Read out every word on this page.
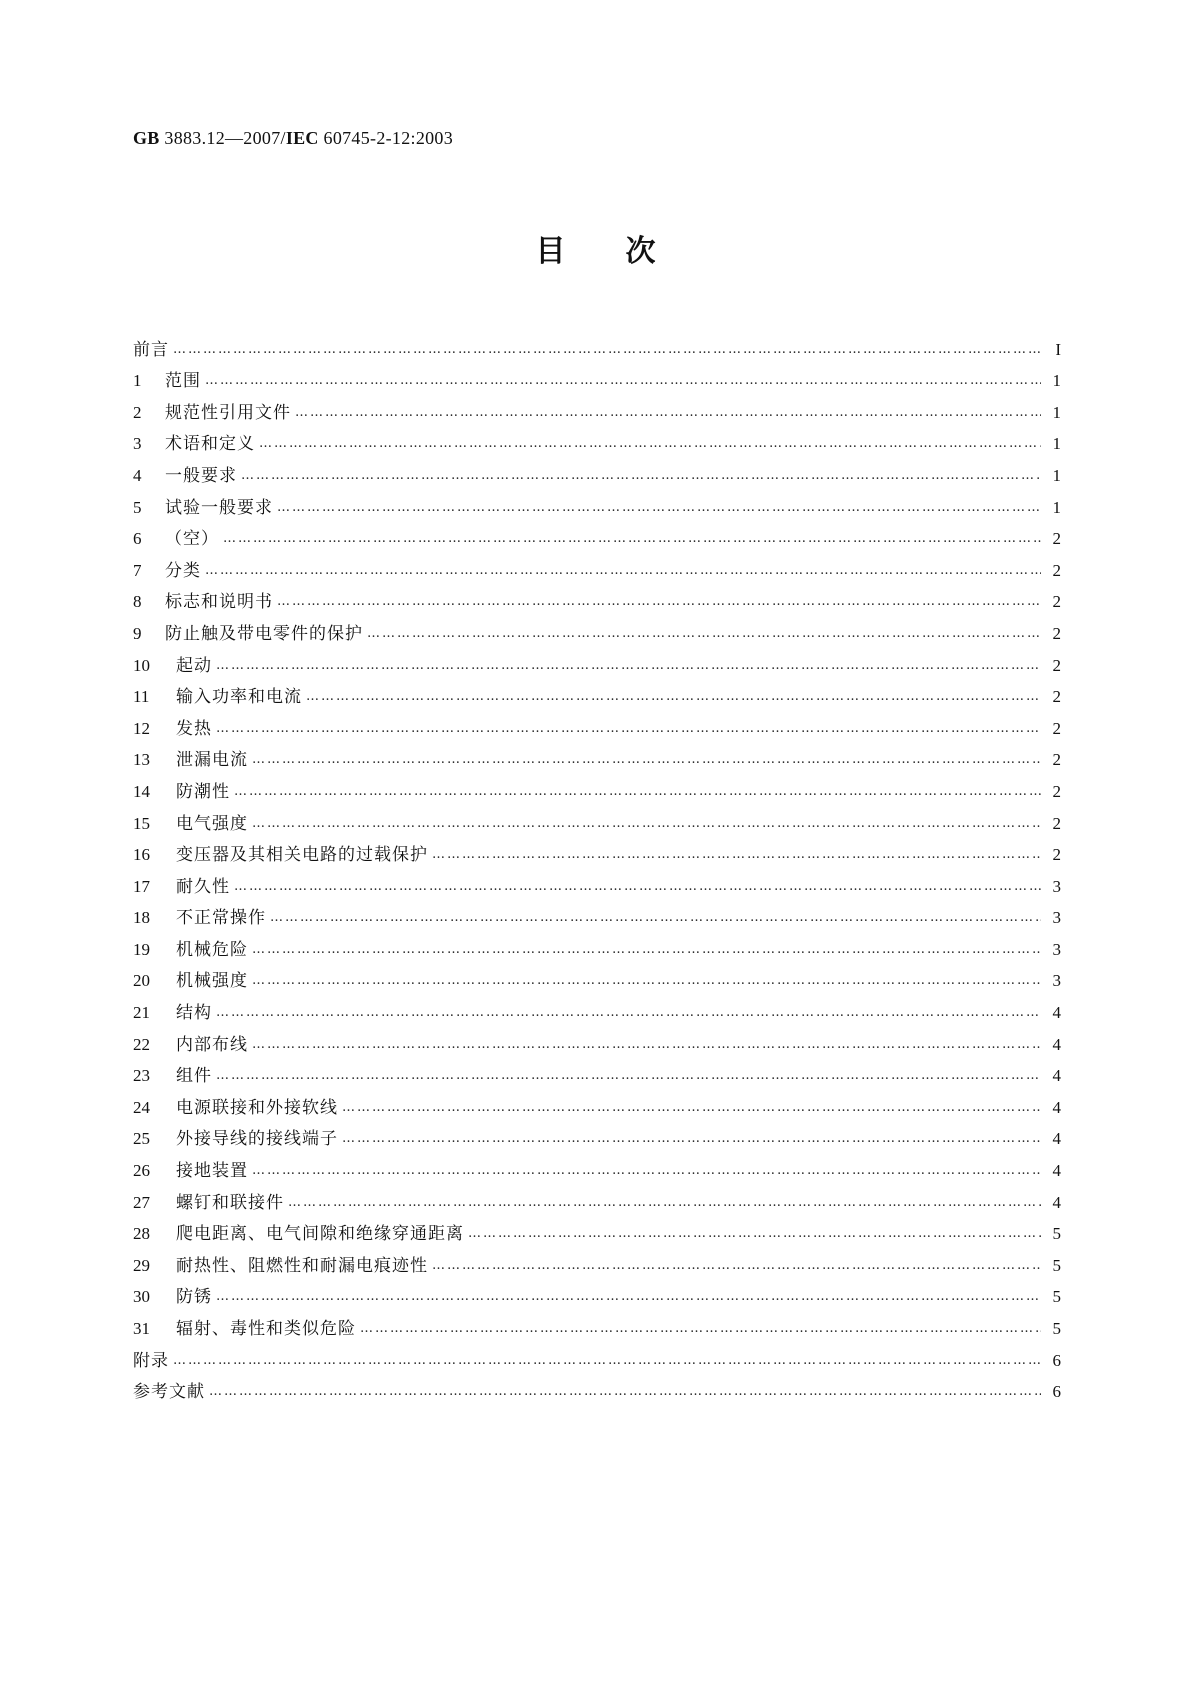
GB 3883.12—2007/IEC 60745-2-12:2003
目次
前言 …………………………………………………………………………………………………………………………………………………………………………………………………………	I
1	范围 …………………………………………………………………………………………………………………………………………………………………………………………………………	1
2	规范性引用文件 …………………………………………………………………………………………………………………………………………………………………………………………………………	1
3	术语和定义 …………………………………………………………………………………………………………………………………………………………………………………………………………	1
4	一般要求 …………………………………………………………………………………………………………………………………………………………………………………………………………	1
5	试验一般要求 …………………………………………………………………………………………………………………………………………………………………………………………………………	1
6	（空） …………………………………………………………………………………………………………………………………………………………………………………………………………	2
7	分类 …………………………………………………………………………………………………………………………………………………………………………………………………………	2
8	标志和说明书 …………………………………………………………………………………………………………………………………………………………………………………………………………	2
9	防止触及带电零件的保护 …………………………………………………………………………………………………………………………………………………………………………………………………………	2
10	起动 …………………………………………………………………………………………………………………………………………………………………………………………………………	2
11	输入功率和电流 …………………………………………………………………………………………………………………………………………………………………………………………………………	2
12	发热 …………………………………………………………………………………………………………………………………………………………………………………………………………	2
13	泄漏电流 …………………………………………………………………………………………………………………………………………………………………………………………………………	2
14	防潮性 …………………………………………………………………………………………………………………………………………………………………………………………………………	2
15	电气强度 …………………………………………………………………………………………………………………………………………………………………………………………………………	2
16	变压器及其相关电路的过载保护 …………………………………………………………………………………………………………………………………………………………………………………………………………	2
17	耐久性 …………………………………………………………………………………………………………………………………………………………………………………………………………	3
18	不正常操作 …………………………………………………………………………………………………………………………………………………………………………………………………………	3
19	机械危险 …………………………………………………………………………………………………………………………………………………………………………………………………………	3
20	机械强度 …………………………………………………………………………………………………………………………………………………………………………………………………………	3
21	结构 …………………………………………………………………………………………………………………………………………………………………………………………………………	4
22	内部布线 …………………………………………………………………………………………………………………………………………………………………………………………………………	4
23	组件 …………………………………………………………………………………………………………………………………………………………………………………………………………	4
24	电源联接和外接软线 …………………………………………………………………………………………………………………………………………………………………………………………………………	4
25	外接导线的接线端子 …………………………………………………………………………………………………………………………………………………………………………………………………………	4
26	接地装置 …………………………………………………………………………………………………………………………………………………………………………………………………………	4
27	螺钉和联接件 …………………………………………………………………………………………………………………………………………………………………………………………………………	4
28	爬电距离、电气间隙和绝缘穿通距离 …………………………………………………………………………………………………………………………………………………………………………………………………………	5
29	耐热性、阻燃性和耐漏电痕迹性 …………………………………………………………………………………………………………………………………………………………………………………………………………	5
30	防锈 …………………………………………………………………………………………………………………………………………………………………………………………………………	5
31	辐射、毒性和类似危险 …………………………………………………………………………………………………………………………………………………………………………………………………………	5
附录 …………………………………………………………………………………………………………………………………………………………………………………………………………	6
参考文献 …………………………………………………………………………………………………………………………………………………………………………………………………………	6
